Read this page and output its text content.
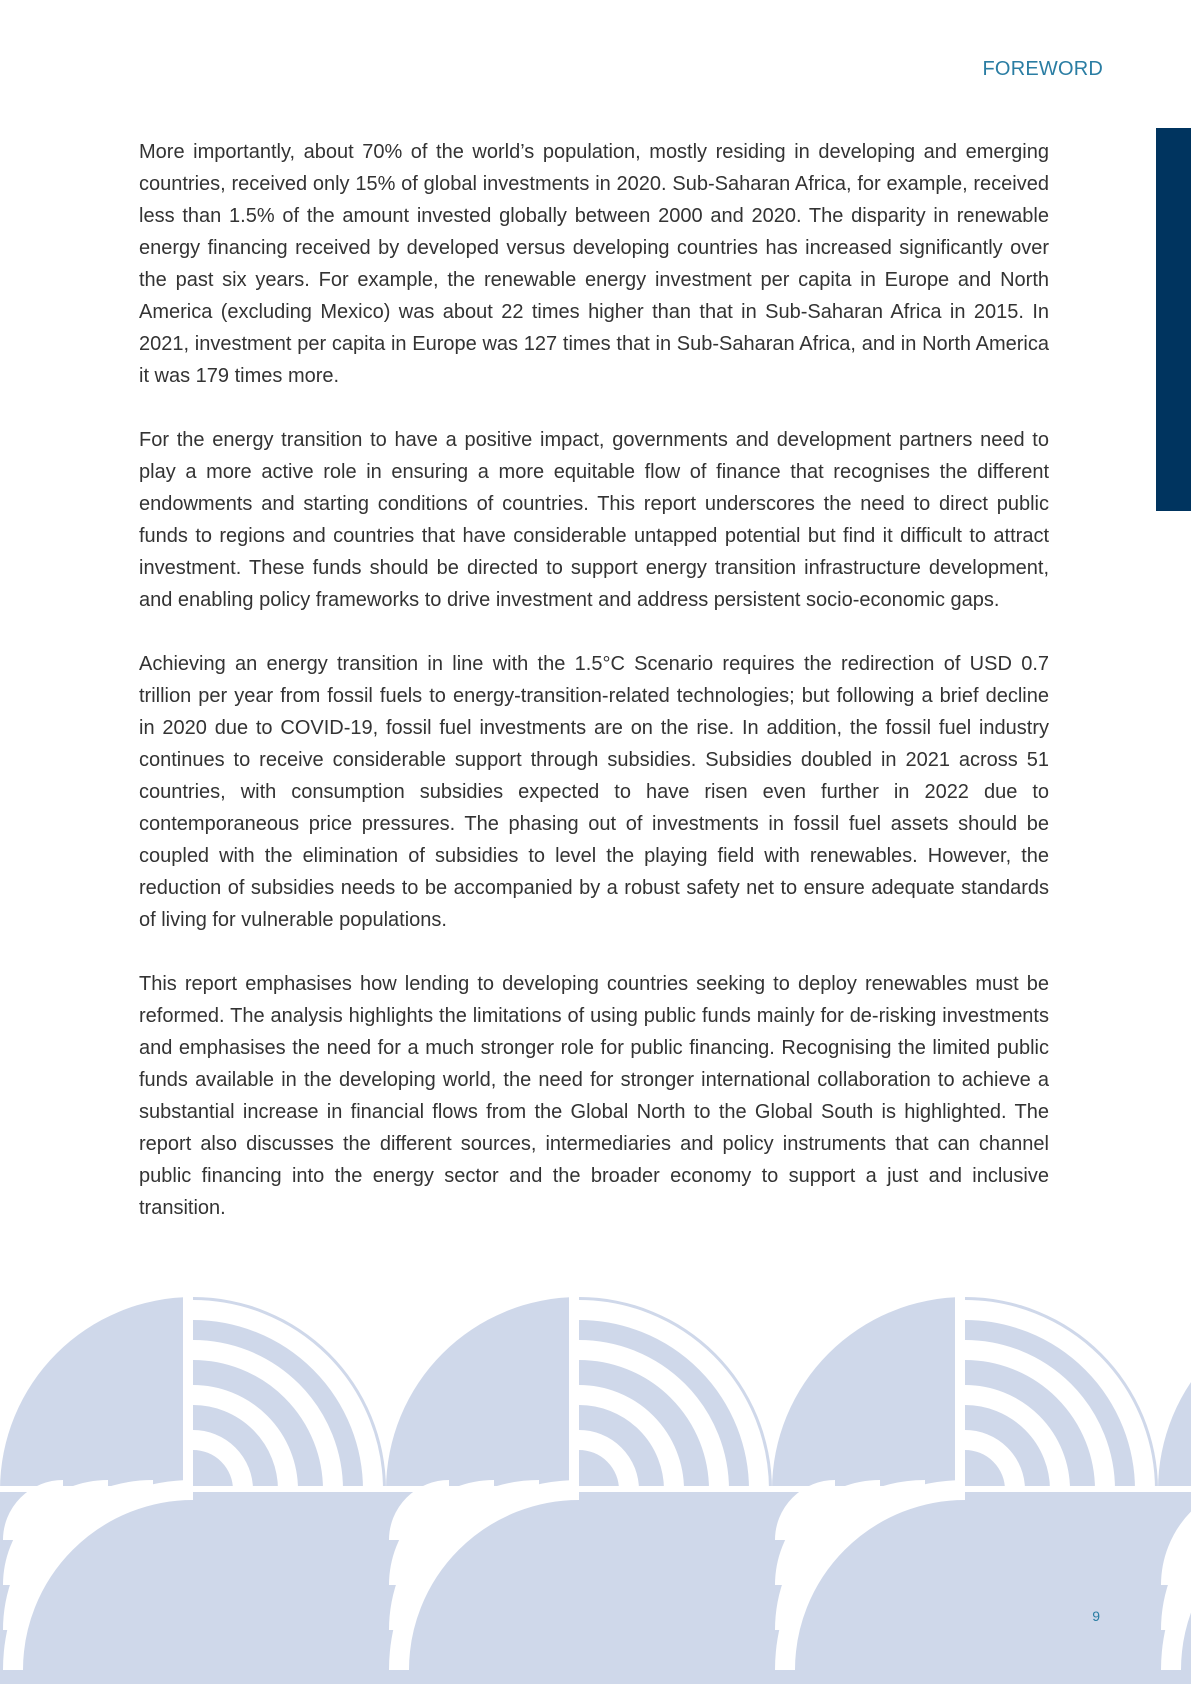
FOREWORD

More importantly, about 70% of the world’s population, mostly residing in developing and emerging countries, received only 15% of global investments in 2020. Sub-Saharan Africa, for example, received less than 1.5% of the amount invested globally between 2000 and 2020. The disparity in renewable energy financing received by developed versus developing countries has increased significantly over the past six years. For example, the renewable energy investment per capita in Europe and North America (excluding Mexico) was about 22 times higher than that in Sub-Saharan Africa in 2015. In 2021, investment per capita in Europe was 127 times that in Sub-Saharan Africa, and in North America it was 179 times more.

For the energy transition to have a positive impact, governments and development partners need to play a more active role in ensuring a more equitable flow of finance that recognises the different endowments and starting conditions of countries. This report underscores the need to direct public funds to regions and countries that have considerable untapped potential but find it difficult to attract investment. These funds should be directed to support energy transition infrastructure development, and enabling policy frameworks to drive investment and address persistent socio-economic gaps.

Achieving an energy transition in line with the 1.5°C Scenario requires the redirection of USD 0.7 trillion per year from fossil fuels to energy-transition-related technologies; but following a brief decline in 2020 due to COVID-19, fossil fuel investments are on the rise. In addition, the fossil fuel industry continues to receive considerable support through subsidies. Subsidies doubled in 2021 across 51 countries, with consumption subsidies expected to have risen even further in 2022 due to contemporaneous price pressures. The phasing out of investments in fossil fuel assets should be coupled with the elimination of subsidies to level the playing field with renewables. However, the reduction of subsidies needs to be accompanied by a robust safety net to ensure adequate standards of living for vulnerable populations.

This report emphasises how lending to developing countries seeking to deploy renewables must be reformed. The analysis highlights the limitations of using public funds mainly for de-risking investments and emphasises the need for a much stronger role for public financing. Recognising the limited public funds available in the developing world, the need for stronger international collaboration to achieve a substantial increase in financial flows from the Global North to the Global South is highlighted. The report also discusses the different sources, intermediaries and policy instruments that can channel public financing into the energy sector and the broader economy to support a just and inclusive transition.

9
